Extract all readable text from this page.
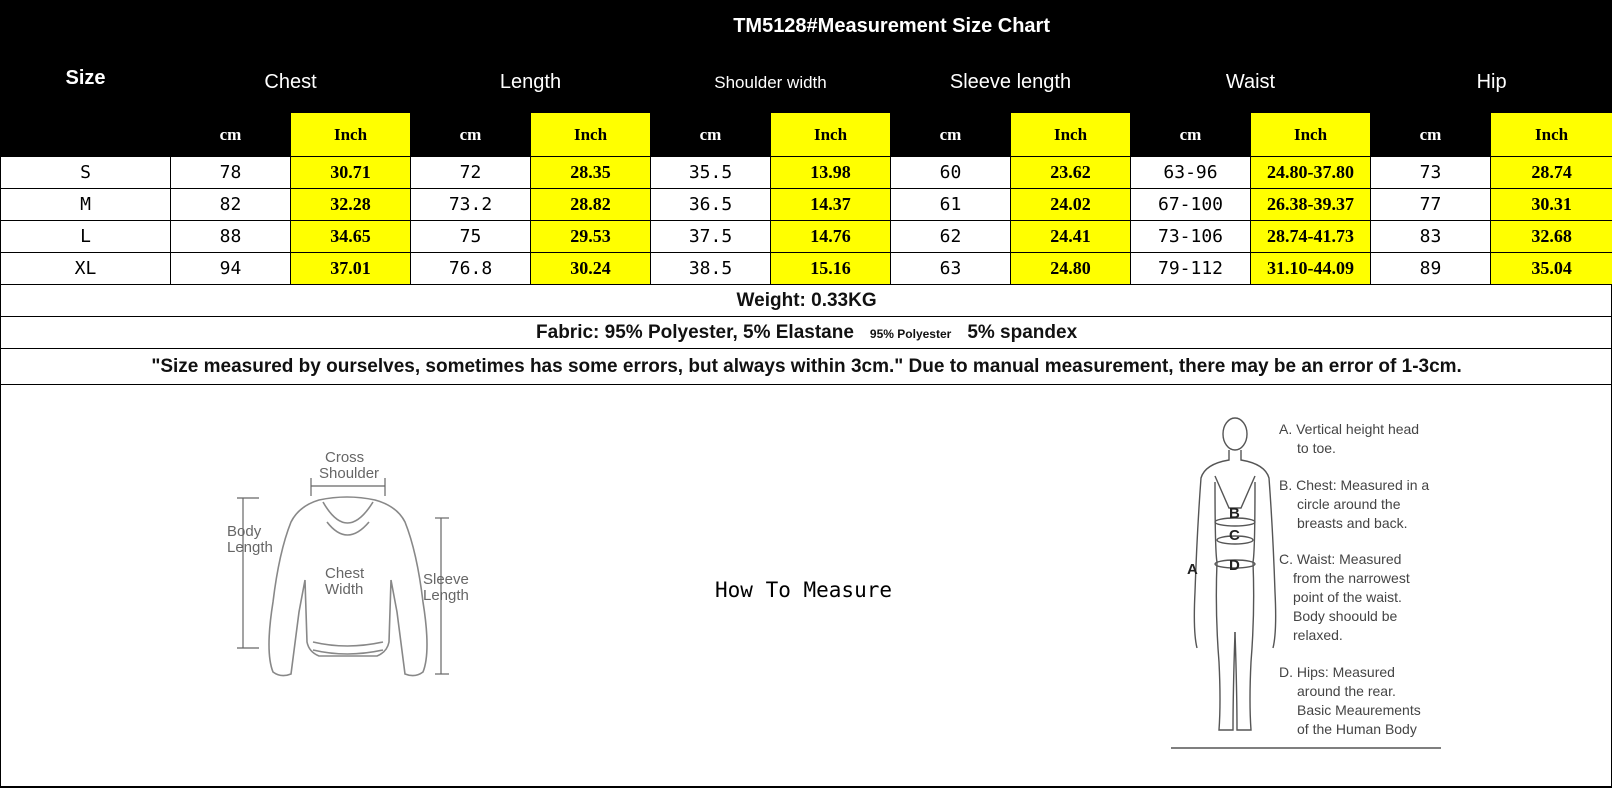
Size	TM5128#Measurement Size Chart											
	Chest		Length		Shoulder width		Sleeve length		Waist		Hip	
	cm	Inch	cm	Inch	cm	Inch	cm	Inch	cm	Inch	cm	Inch
S	78	30.71	72	28.35	35.5	13.98	60	23.62	63-96	24.80-37.80	73	28.74
M	82	32.28	73.2	28.82	36.5	14.37	61	24.02	67-100	26.38-39.37	77	30.31
L	88	34.65	75	29.53	37.5	14.76	62	24.41	73-106	28.74-41.73	83	32.68
XL	94	37.01	76.8	30.24	38.5	15.16	63	24.80	79-112	31.10-44.09	89	35.04
Weight: 0.33KG												
Fabric: 95% Polyester, 5% Elastane 95% Polyester 5% spandex												
"Size measured by ourselves, sometimes has some errors, but always within 3cm." Due to manual measurement, there may be an error of 1-3cm.												
Cross
Shoulder
Body
Length
Chest
Width
Sleeve
Length	How To Measure
A
B
C
D
A. Vertical height head
to toe.
B. Chest: Measured in a
circle around the
breasts and back.
C. Waist: Measured
from the narrowest
point of the waist.
Body shoould be
relaxed.
D. Hips: Measured
around the rear.
Basic Meaurements
of the Human Body
